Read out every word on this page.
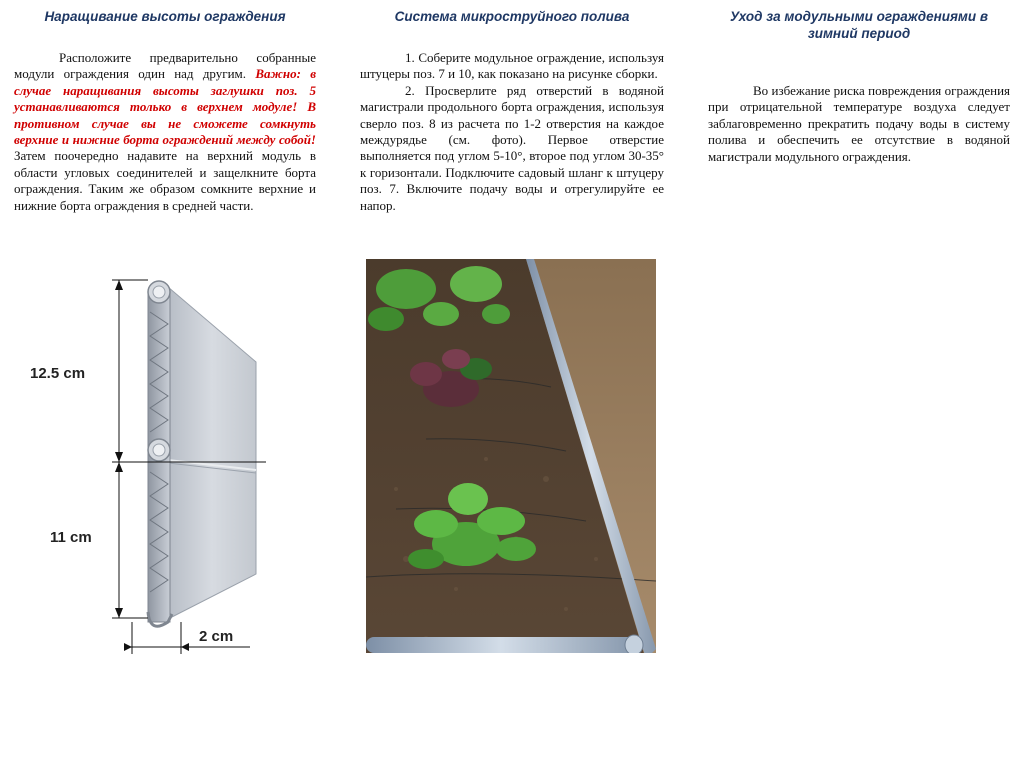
Наращивание высоты ограждения

Расположите предварительно собранные модули ограждения один над другим. Важно: в случае наращивания высоты заглушки поз. 5 устанавливаются только в верхнем модуле! В противном случае вы не сможете сомкнуть верхние и нижние борта ограждений между собой! Затем поочередно надавите на верхний модуль в области угловых соединителей и защелкните борта ограждения. Таким же образом сомкните верхние и нижние борта ограждения в средней части.

12.5 cm
11 cm
2 cm
Система микроструйного полива

1. Соберите модульное ограждение, используя штуцеры поз. 7 и 10, как показано на рисунке сборки.

2. Просверлите ряд отверстий в водяной магистрали продольного борта ограждения, используя сверло поз. 8 из расчета по 1-2 отверстия на каждое междурядье (см. фото). Первое отверстие выполняется под углом 5-10°, второе под углом 30-35° к горизонтали. Подключите садовый шланг к штуцеру поз. 7. Включите подачу воды и отрегулируйте ее напор.

Уход за модульными ограждениями в зимний период

Во избежание риска повреждения ограждения при отрицательной температуре воздуха следует заблаговременно прекратить подачу воды в систему полива и обеспечить ее отсутствие в водяной магистрали модульного ограждения.
